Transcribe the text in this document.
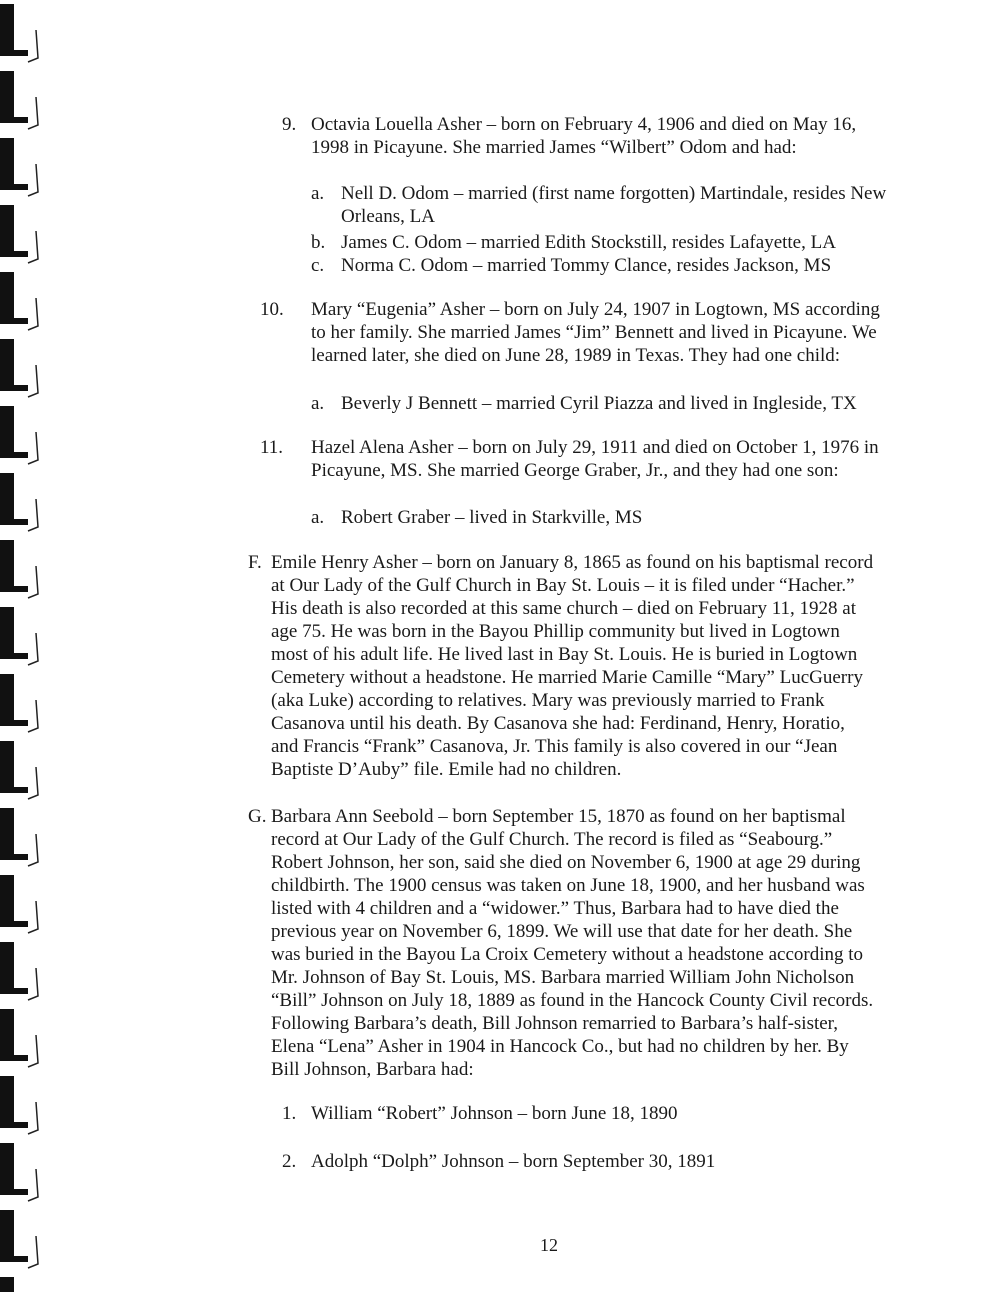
9. Octavia Louella Asher – born on February 4, 1906 and died on May 16,
1998 in Picayune. She married James “Wilbert” Odom and had:
a. Nell D. Odom – married (first name forgotten) Martindale, resides New
Orleans, LA
b. James C. Odom – married Edith Stockstill, resides Lafayette, LA
c. Norma C. Odom – married Tommy Clance, resides Jackson, MS
10. Mary “Eugenia” Asher – born on July 24, 1907 in Logtown, MS according
to her family. She married James “Jim” Bennett and lived in Picayune. We
learned later, she died on June 28, 1989 in Texas. They had one child:
a. Beverly J Bennett – married Cyril Piazza and lived in Ingleside, TX
11. Hazel Alena Asher – born on July 29, 1911 and died on October 1, 1976 in
Picayune, MS. She married George Graber, Jr., and they had one son:
a. Robert Graber – lived in Starkville, MS
F. Emile Henry Asher – born on January 8, 1865 as found on his baptismal record
at Our Lady of the Gulf Church in Bay St. Louis – it is filed under “Hacher.”
His death is also recorded at this same church – died on February 11, 1928 at
age 75. He was born in the Bayou Phillip community but lived in Logtown
most of his adult life. He lived last in Bay St. Louis. He is buried in Logtown
Cemetery without a headstone. He married Marie Camille “Mary” LucGuerry
(aka Luke) according to relatives. Mary was previously married to Frank
Casanova until his death. By Casanova she had: Ferdinand, Henry, Horatio,
and Francis “Frank” Casanova, Jr. This family is also covered in our “Jean
Baptiste D’Auby” file. Emile had no children.
G. Barbara Ann Seebold – born September 15, 1870 as found on her baptismal
record at Our Lady of the Gulf Church. The record is filed as “Seabourg.”
Robert Johnson, her son, said she died on November 6, 1900 at age 29 during
childbirth. The 1900 census was taken on June 18, 1900, and her husband was
listed with 4 children and a “widower.” Thus, Barbara had to have died the
previous year on November 6, 1899. We will use that date for her death. She
was buried in the Bayou La Croix Cemetery without a headstone according to
Mr. Johnson of Bay St. Louis, MS. Barbara married William John Nicholson
“Bill” Johnson on July 18, 1889 as found in the Hancock County Civil records.
Following Barbara’s death, Bill Johnson remarried to Barbara’s half-sister,
Elena “Lena” Asher in 1904 in Hancock Co., but had no children by her. By
Bill Johnson, Barbara had:
1. William “Robert” Johnson – born June 18, 1890
2. Adolph “Dolph” Johnson – born September 30, 1891
12
